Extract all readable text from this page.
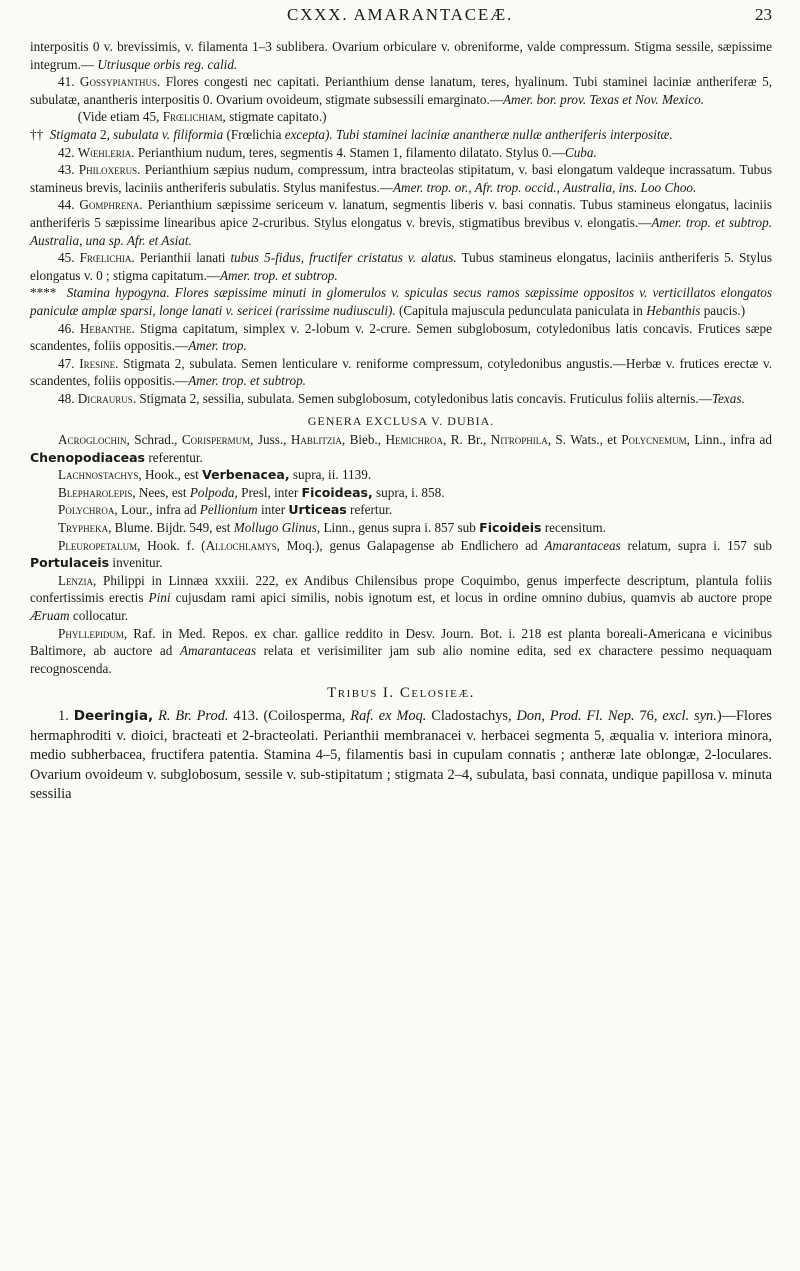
CXXX. AMARANTACEÆ.	23

interpositis 0 v. brevissimis, v. filamenta 1–3 sublibera. Ovarium orbiculare v. obreniforme, valde compressum. Stigma sessile, sæpissime integrum.— Utriusque orbis reg. calid.

41. Gossypianthus. Flores congesti nec capitati. Perianthium dense lanatum, teres, hyalinum. Tubi staminei laciniæ antheriferæ 5, subulatæ, anantheris interpositis 0. Ovarium ovoideum, stigmate subsessili emarginato.—Amer. bor. prov. Texas et Nov. Mexico.
(Vide etiam 45, Frœlichiam, stigmate capitato.)

†† Stigmata 2, subulata v. filiformia (Frœlichia excepta). Tubi staminei laciniæ anantheræ nullæ antheriferis interpositæ.

42. Wœhleria. Perianthium nudum, teres, segmentis 4. Stamen 1, filamento dilatato. Stylus 0.—Cuba.

43. Philoxerus. Perianthium sæpius nudum, compressum, intra bracteolas stipitatum, v. basi elongatum valdeque incrassatum. Tubus stamineus brevis, laciniis antheriferis subulatis. Stylus manifestus.—Amer. trop. or., Afr. trop. occid., Australia, ins. Loo Choo.

44. Gomphrena. Perianthium sæpissime sericeum v. lanatum, segmentis liberis v. basi connatis. Tubus stamineus elongatus, laciniis antheriferis 5 sæpissime linearibus apice 2-cruribus. Stylus elongatus v. brevis, stigmatibus brevibus v. elongatis.—Amer. trop. et subtrop. Australia, una sp. Afr. et Asiat.

45. Frœlichia. Perianthii lanati tubus 5-fidus, fructifer cristatus v. alatus. Tubus stamineus elongatus, laciniis antheriferis 5. Stylus elongatus v. 0 ; stigma capitatum.—Amer. trop. et subtrop.

**** Stamina hypogyna. Flores sæpissime minuti in glomerulos v. spiculas secus ramos sæpissime oppositos v. verticillatos elongatos paniculæ amplæ sparsi, longe lanati v. sericei (rarissime nudiusculi). (Capitula majuscula pedunculata paniculata in Hebanthis paucis.)

46. Hebanthe. Stigma capitatum, simplex v. 2-lobum v. 2-crure. Semen subglobosum, cotyledonibus latis concavis. Frutices sæpe scandentes, foliis oppositis.—Amer. trop.

47. Iresine. Stigmata 2, subulata. Semen lenticulare v. reniforme compressum, cotyledonibus angustis.—Herbæ v. frutices erectæ v. scandentes, foliis oppositis.—Amer. trop. et subtrop.

48. Dicraurus. Stigmata 2, sessilia, subulata. Semen subglobosum, cotyledonibus latis concavis. Fruticulus foliis alternis.—Texas.

GENERA EXCLUSA V. DUBIA.

Acroglochin, Schrad., Corispermum, Juss., Hablitzia, Bieb., Hemichroa, R. Br., Nitrophila, S. Wats., et Polycnemum, Linn., infra ad Chenopodiaceas referentur.

Lachnostachys, Hook., est Verbenacea, supra, ii. 1139.

Blepharolepis, Nees, est Polpoda, Presl, inter Ficoideas, supra, i. 858.

Polychroa, Lour., infra ad Pellionium inter Urticeas refertur.

Trypheka, Blume. Bijdr. 549, est Mollugo Glinus, Linn., genus supra i. 857 sub Ficoideis recensitum.

Pleuropetalum, Hook. f. (Allochlamys, Moq.), genus Galapagense ab Endlichero ad Amarantaceas relatum, supra i. 157 sub Portulaceis invenitur.

Lenzia, Philippi in Linnæa xxxiii. 222, ex Andibus Chilensibus prope Coquimbo, genus imperfecte descriptum, plantula foliis confertissimis erectis Pini cujusdam rami apici similis, nobis ignotum est, et locus in ordine omnino dubius, quamvis ab auctore prope Æruam collocatur.

Phyllepidum, Raf. in Med. Repos. ex char. gallice reddito in Desv. Journ. Bot. i. 218 est planta boreali-Americana e vicinibus Baltimore, ab auctore ad Amarantaceas relata et verisimiliter jam sub alio nomine edita, sed ex charactere pessimo nequaquam recognoscenda.

Tribus I. Celosieæ.

1. Deeringia, R. Br. Prod. 413. (Coilosperma, Raf. ex Moq. Cladostachys, Don, Prod. Fl. Nep. 76, excl. syn.)—Flores hermaphroditi v. dioici, bracteati et 2-bracteolati. Perianthii membranacei v. herbacei segmenta 5, æqualia v. interiora minora, medio subherbacea, fructifera patentia. Stamina 4–5, filamentis basi in cupulam connatis ; antheræ late oblongæ, 2-loculares. Ovarium ovoideum v. subglobosum, sessile v. sub-stipitatum ; stigmata 2–4, subulata, basi connata, undique papillosa v. minuta sessilia
